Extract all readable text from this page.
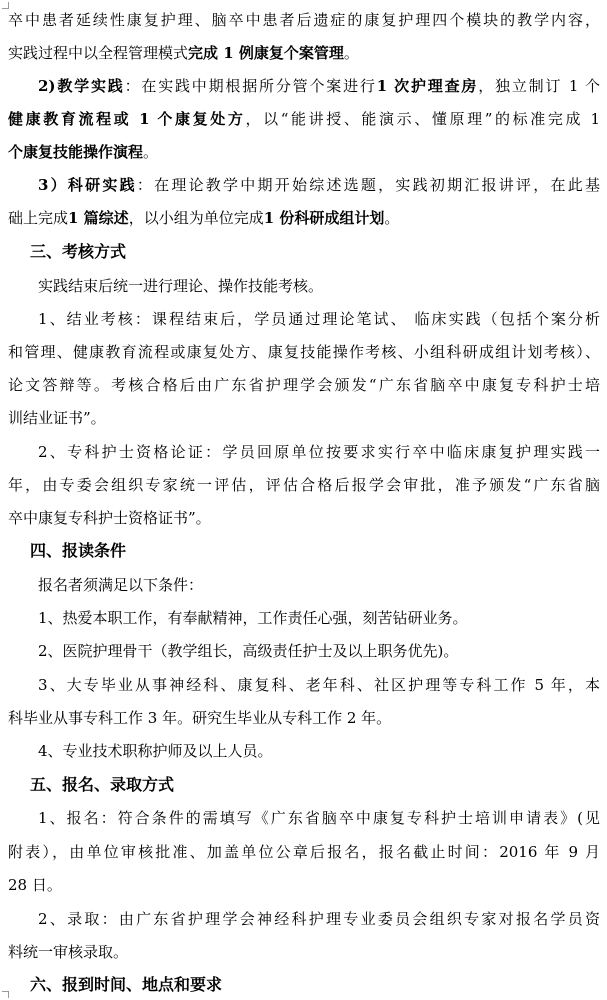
卒中患者延续性康复护理、脑卒中患者后遗症的康复护理四个模块的教学内容，
实践过程中以全程管理模式完成 1 例康复个案管理。
2)教学实践：在实践中期根据所分管个案进行1 次护理查房，独立制订 1 个
健康教育流程或 1 个康复处方，以“能讲授、能演示、懂原理”的标准完成 1
个康复技能操作演程。
3）科研实践：在理论教学中期开始综述选题，实践初期汇报讲评，在此基
础上完成1 篇综述，以小组为单位完成1 份科研成组计划。
三、考核方式
实践结束后统一进行理论、操作技能考核。
1、结业考核：课程结束后，学员通过理论笔试、 临床实践（包括个案分析
和管理、健康教育流程或康复处方、康复技能操作考核、小组科研成组计划考核）、
论文答辩等。考核合格后由广东省护理学会颁发“广东省脑卒中康复专科护士培
训结业证书”。
2、专科护士资格论证：学员回原单位按要求实行卒中临床康复护理实践一
年，由专委会组织专家统一评估，评估合格后报学会审批，准予颁发“广东省脑
卒中康复专科护士资格证书”。
四、报读条件
报名者须满足以下条件：
1、热爱本职工作，有奉献精神，工作责任心强，刻苦钻研业务。
2、医院护理骨干（教学组长，高级责任护士及以上职务优先)。
3、大专毕业从事神经科、康复科、老年科、社区护理等专科工作 5 年，本
科毕业从事专科工作 3 年。研究生毕业从专科工作 2 年。
4、专业技术职称护师及以上人员。
五、报名、录取方式
1、报名：符合条件的需填写《广东省脑卒中康复专科护士培训申请表》(见
附表），由单位审核批准、加盖单位公章后报名，报名截止时间：2016 年 9 月
28 日。
2、录取：由广东省护理学会神经科护理专业委员会组织专家对报名学员资
料统一审核录取。
六、报到时间、地点和要求
